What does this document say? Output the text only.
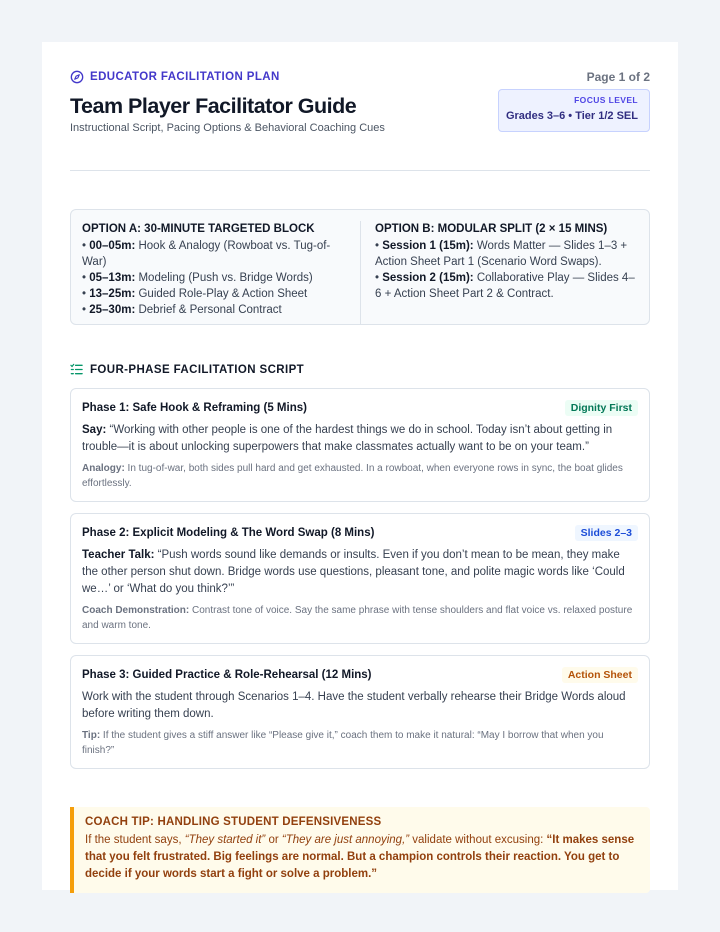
EDUCATOR FACILITATION PLAN	Page 1 of 2
Team Player Facilitator Guide
Instructional Script, Pacing Options & Behavioral Coaching Cues
FOCUS LEVEL
Grades 3–6 • Tier 1/2 SEL
OPTION A: 30-MINUTE TARGETED BLOCK
• 00–05m: Hook & Analogy (Rowboat vs. Tug-of-War)
• 05–13m: Modeling (Push vs. Bridge Words)
• 13–25m: Guided Role-Play & Action Sheet
• 25–30m: Debrief & Personal Contract
OPTION B: MODULAR SPLIT (2 × 15 MINS)
• Session 1 (15m): Words Matter — Slides 1–3 + Action Sheet Part 1 (Scenario Word Swaps).
• Session 2 (15m): Collaborative Play — Slides 4–6 + Action Sheet Part 2 & Contract.
FOUR-PHASE FACILITATION SCRIPT
Phase 1: Safe Hook & Reframing (5 Mins)	Dignity First
Say: “Working with other people is one of the hardest things we do in school. Today isn’t about getting in trouble—it is about unlocking superpowers that make classmates actually want to be on your team.”
Analogy: In tug-of-war, both sides pull hard and get exhausted. In a rowboat, when everyone rows in sync, the boat glides effortlessly.
Phase 2: Explicit Modeling & The Word Swap (8 Mins)	Slides 2–3
Teacher Talk: “Push words sound like demands or insults. Even if you don’t mean to be mean, they make the other person shut down. Bridge words use questions, pleasant tone, and polite magic words like ‘Could we…’ or ‘What do you think?’”
Coach Demonstration: Contrast tone of voice. Say the same phrase with tense shoulders and flat voice vs. relaxed posture and warm tone.
Phase 3: Guided Practice & Role-Rehearsal (12 Mins)	Action Sheet
Work with the student through Scenarios 1–4. Have the student verbally rehearse their Bridge Words aloud before writing them down.
Tip: If the student gives a stiff answer like “Please give it,” coach them to make it natural: “May I borrow that when you finish?”
COACH TIP: HANDLING STUDENT DEFENSIVENESS
If the student says, “They started it” or “They are just annoying,” validate without excusing: “It makes sense that you felt frustrated. Big feelings are normal. But a champion controls their reaction. You get to decide if your words start a fight or solve a problem.”
